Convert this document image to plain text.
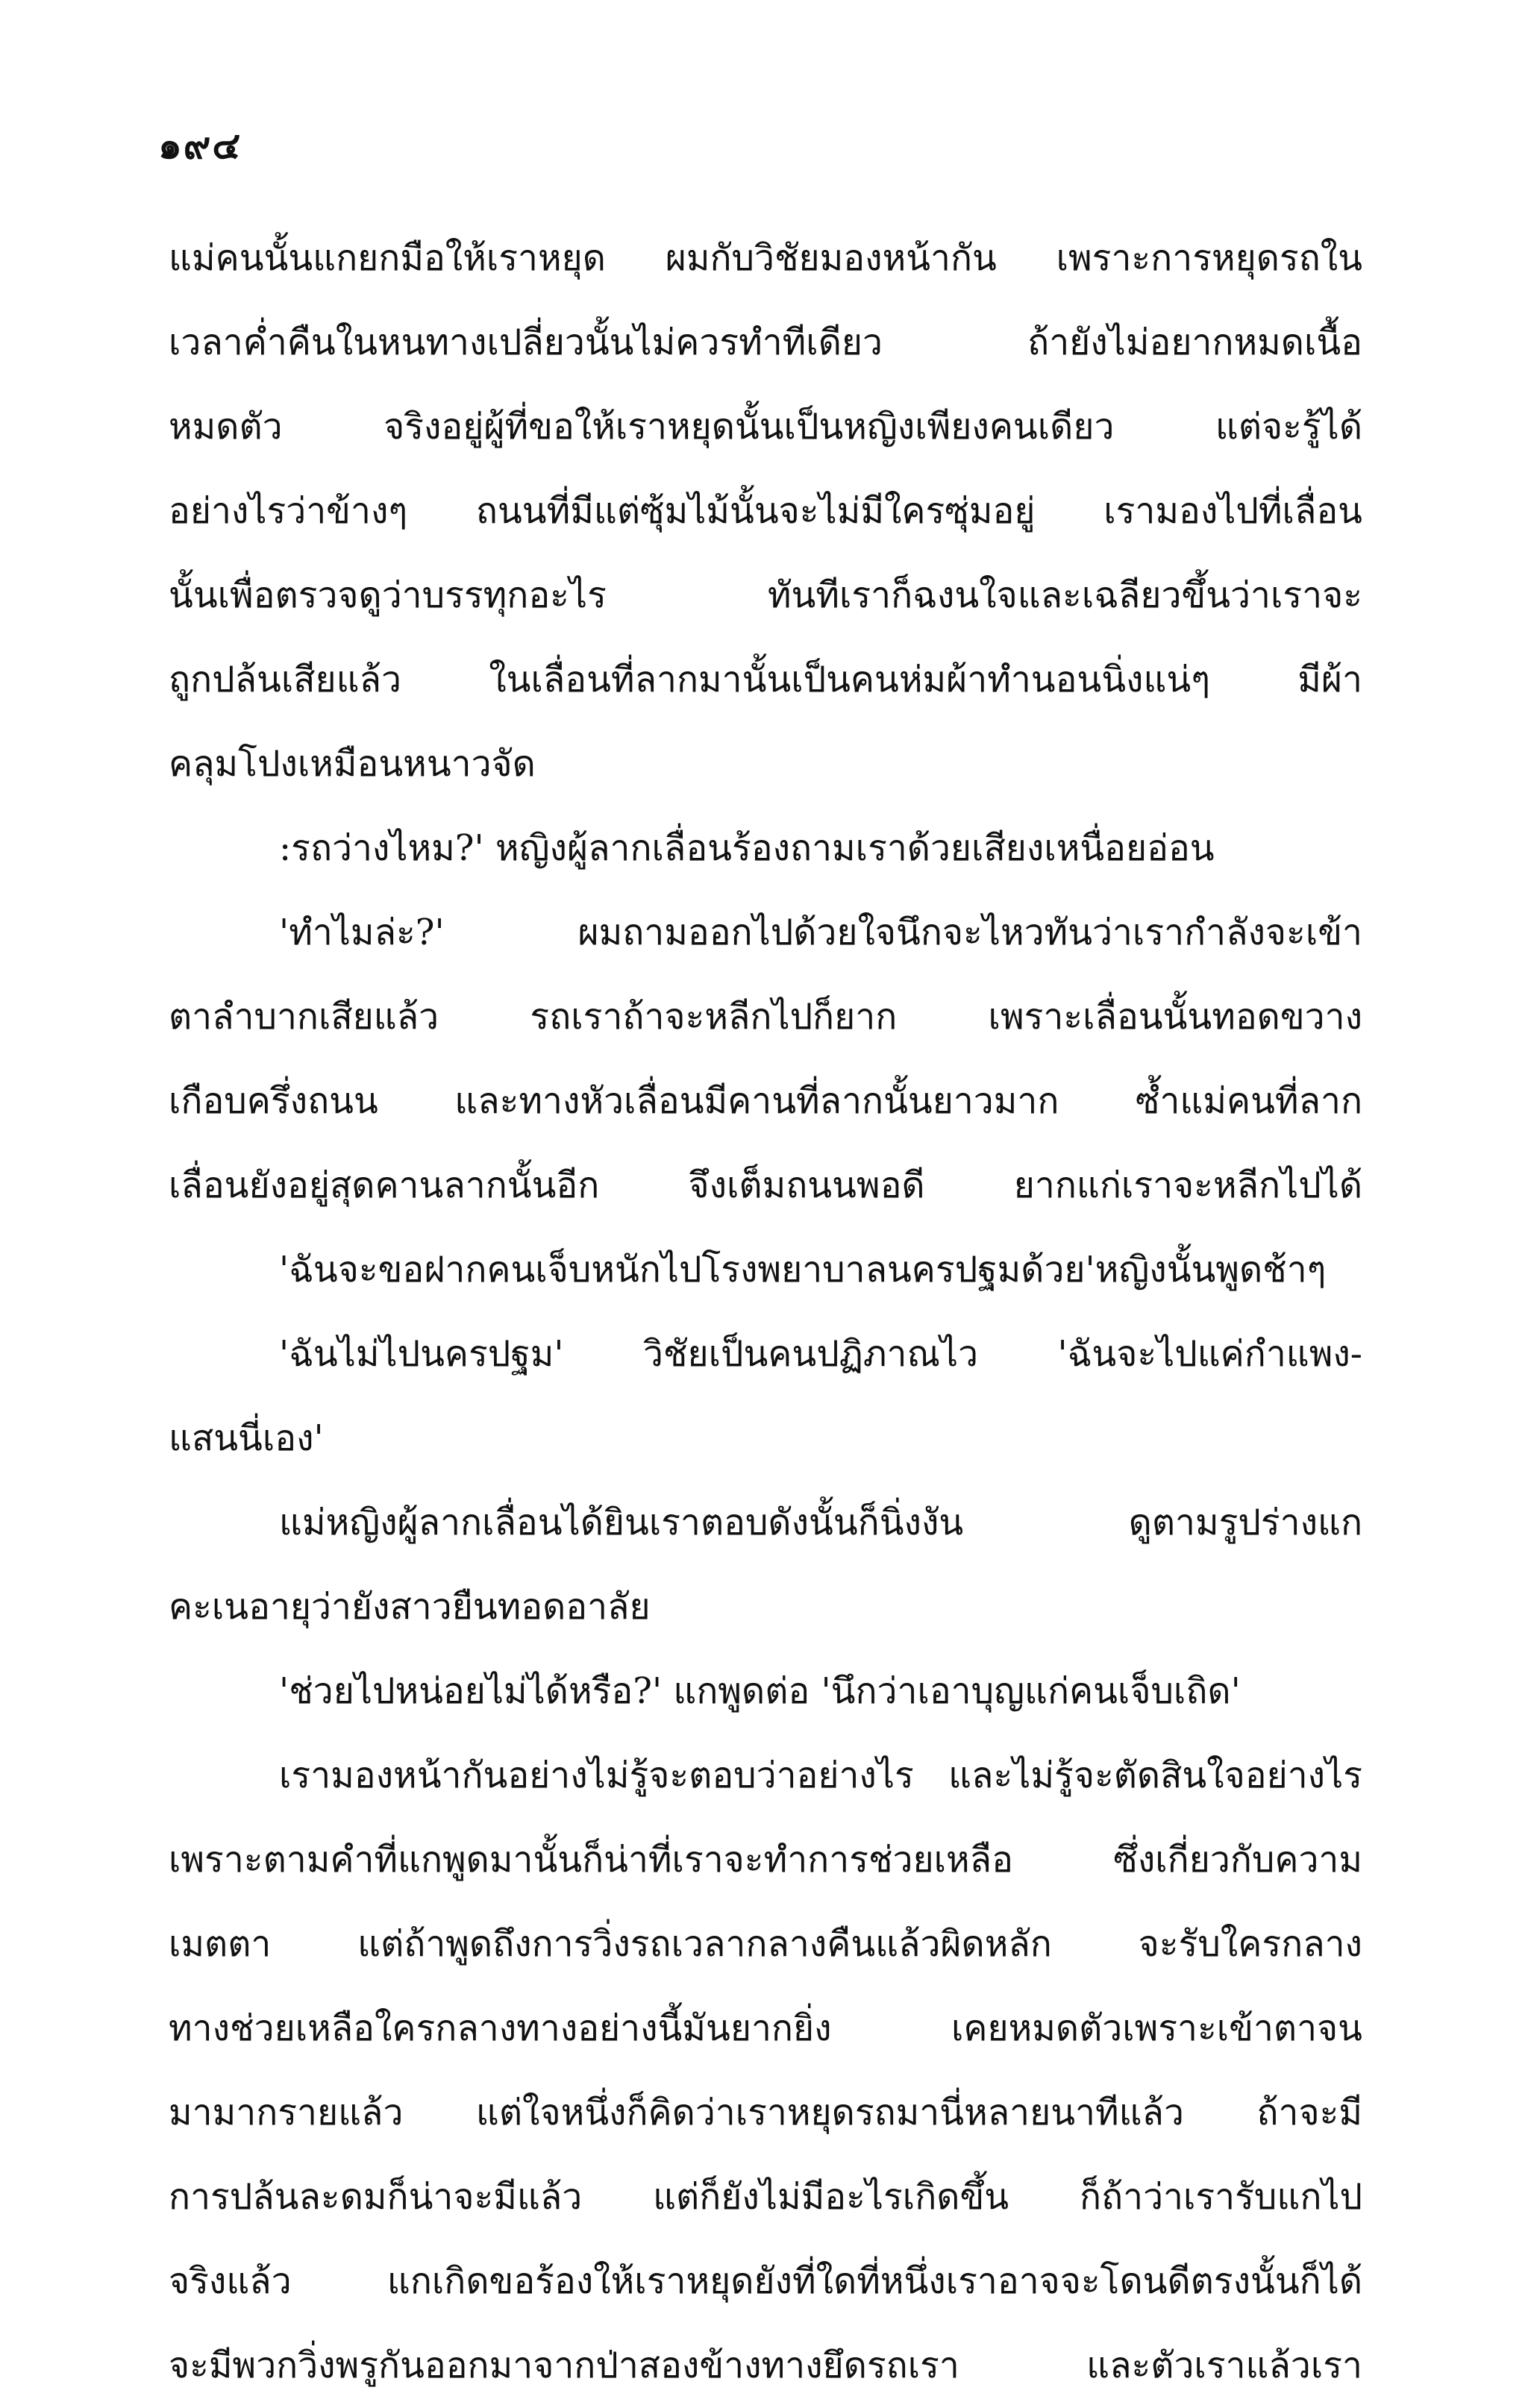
๑๙๔
แม่คนนั้นแกยกมือให้เราหยุด ผมกับวิชัยมองหน้ากัน เพราะการหยุดรถใน
เวลาค่ำคืนในหนทางเปลี่ยวนั้นไม่ควรทำทีเดียว ถ้ายังไม่อยากหมดเนื้อ
หมดตัว จริงอยู่ผู้ที่ขอให้เราหยุดนั้นเป็นหญิงเพียงคนเดียว แต่จะรู้ได้
อย่างไรว่าข้างๆ ถนนที่มีแต่ซุ้มไม้นั้นจะไม่มีใครซุ่มอยู่ เรามองไปที่เลื่อน
นั้นเพื่อตรวจดูว่าบรรทุกอะไร ทันทีเราก็ฉงนใจและเฉลียวขึ้นว่าเราจะ
ถูกปล้นเสียแล้ว ในเลื่อนที่ลากมานั้นเป็นคนห่มผ้าทำนอนนิ่งแน่ๆ มีผ้า
คลุมโปงเหมือนหนาวจัด
:รถว่างไหม?' หญิงผู้ลากเลื่อนร้องถามเราด้วยเสียงเหนื่อยอ่อน
'ทำไมล่ะ?' ผมถามออกไปด้วยใจนึกจะไหวทันว่าเรากำลังจะเข้า
ตาลำบากเสียแล้ว รถเราถ้าจะหลีกไปก็ยาก เพราะเลื่อนนั้นทอดขวาง
เกือบครึ่งถนน และทางหัวเลื่อนมีคานที่ลากนั้นยาวมาก ซ้ำแม่คนที่ลาก
เลื่อนยังอยู่สุดคานลากนั้นอีก จึงเต็มถนนพอดี ยากแก่เราจะหลีกไปได้
'ฉันจะขอฝากคนเจ็บหนักไปโรงพยาบาลนครปฐมด้วย'หญิงนั้นพูดช้าๆ
'ฉันไม่ไปนครปฐม' วิชัยเป็นคนปฏิภาณไว 'ฉันจะไปแค่กำแพง-
แสนนี่เอง'
แม่หญิงผู้ลากเลื่อนได้ยินเราตอบดังนั้นก็นิ่งงัน ดูตามรูปร่างแก
คะเนอายุว่ายังสาวยืนทอดอาลัย
'ช่วยไปหน่อยไม่ได้หรือ?' แกพูดต่อ 'นึกว่าเอาบุญแก่คนเจ็บเถิด'
เรามองหน้ากันอย่างไม่รู้จะตอบว่าอย่างไร และไม่รู้จะตัดสินใจอย่างไร
เพราะตามคำที่แกพูดมานั้นก็น่าที่เราจะทำการช่วยเหลือ ซึ่งเกี่ยวกับความ
เมตตา แต่ถ้าพูดถึงการวิ่งรถเวลากลางคืนแล้วผิดหลัก จะรับใครกลาง
ทางช่วยเหลือใครกลางทางอย่างนี้มันยากยิ่ง เคยหมดตัวเพราะเข้าตาจน
มามากรายแล้ว แต่ใจหนึ่งก็คิดว่าเราหยุดรถมานี่หลายนาทีแล้ว ถ้าจะมี
การปล้นละดมก็น่าจะมีแล้ว แต่ก็ยังไม่มีอะไรเกิดขึ้น ก็ถ้าว่าเรารับแกไป
จริงแล้ว แกเกิดขอร้องให้เราหยุดยังที่ใดที่หนึ่งเราอาจจะโดนดีตรงนั้นก็ได้
จะมีพวกวิ่งพรูกันออกมาจากป่าสองข้างทางยึดรถเรา และตัวเราแล้วเรา
